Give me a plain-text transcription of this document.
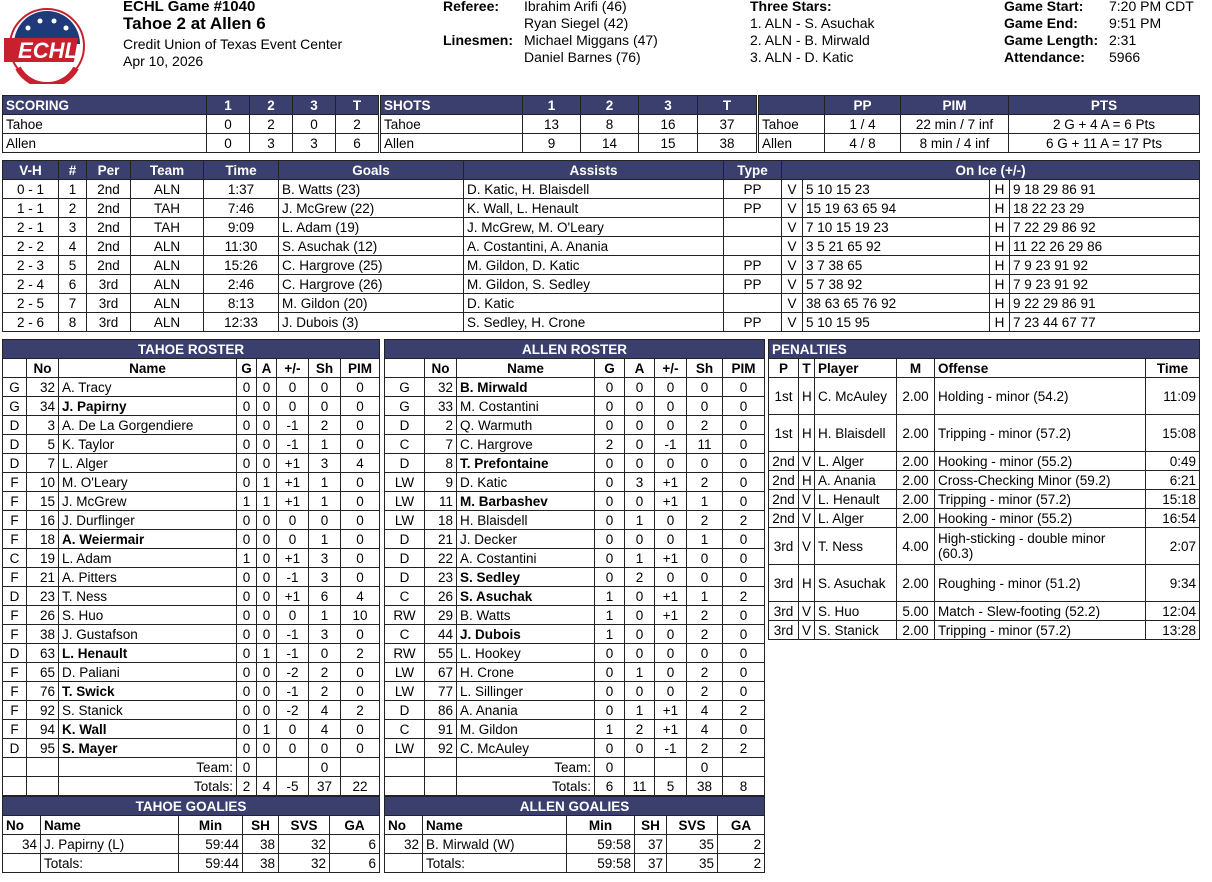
ECHL
ECHL Game #1040
Tahoe 2 at Allen 6
Credit Union of Texas Event Center
Apr 10, 2026
Referee: Ibrahim Arifi (46)
Ryan Siegel (42)
Linesmen: Michael Miggans (47)
Daniel Barnes (76)
Three Stars:
1. ALN - S. Asuchak
2. ALN - B. Mirwald
3. ALN - D. Katic
Game Start: 7:20 PM CDT
Game End: 9:51 PM
Game Length: 2:31
Attendance: 5966
SCORING	1	2	3	T
Tahoe	0	2	0	2
Allen	0	3	3	6
SHOTS	1	2	3	T
Tahoe	13	8	16	37
Allen	9	14	15	38
	PP	PIM	PTS
Tahoe	1 / 4	22 min / 7 inf	2 G + 4 A = 6 Pts
Allen	4 / 8	8 min / 4 inf	6 G + 11 A = 17 Pts
V-H	#	Per	Team	Time	Goals	Assists	Type	On Ice (+/-)			
0 - 1	1	2nd	ALN	1:37	B. Watts (23)	D. Katic, H. Blaisdell	PP	V	5 10 15 23	H	9 18 29 86 91
1 - 1	2	2nd	TAH	7:46	J. McGrew (22)	K. Wall, L. Henault	PP	V	15 19 63 65 94	H	18 22 23 29
2 - 1	3	2nd	TAH	9:09	L. Adam (19)	J. McGrew, M. O'Leary		V	7 10 15 19 23	H	7 22 29 86 92
2 - 2	4	2nd	ALN	11:30	S. Asuchak (12)	A. Costantini, A. Anania		V	3 5 21 65 92	H	11 22 26 29 86
2 - 3	5	2nd	ALN	15:26	C. Hargrove (25)	M. Gildon, D. Katic	PP	V	3 7 38 65	H	7 9 23 91 92
2 - 4	6	3rd	ALN	2:46	C. Hargrove (26)	M. Gildon, S. Sedley	PP	V	5 7 38 92	H	7 9 23 91 92
2 - 5	7	3rd	ALN	8:13	M. Gildon (20)	D. Katic		V	38 63 65 76 92	H	9 22 29 86 91
2 - 6	8	3rd	ALN	12:33	J. Dubois (3)	S. Sedley, H. Crone	PP	V	5 10 15 95	H	7 23 44 67 77
TAHOE ROSTER							
	No	Name	G	A	+/-	Sh	PIM
G	32	A. Tracy	0	0	0	0	0
G	34	J. Papirny	0	0	0	0	0
D	3	A. De La Gorgendiere	0	0	-1	2	0
D	5	K. Taylor	0	0	-1	1	0
D	7	L. Alger	0	0	+1	3	4
F	10	M. O'Leary	0	1	+1	1	0
F	15	J. McGrew	1	1	+1	1	0
F	16	J. Durflinger	0	0	0	0	0
F	18	A. Weiermair	0	0	0	1	0
C	19	L. Adam	1	0	+1	3	0
F	21	A. Pitters	0	0	-1	3	0
D	23	T. Ness	0	0	+1	6	4
F	26	S. Huo	0	0	0	1	10
F	38	J. Gustafson	0	0	-1	3	0
D	63	L. Henault	0	1	-1	0	2
F	65	D. Paliani	0	0	-2	2	0
F	76	T. Swick	0	0	-1	2	0
F	92	S. Stanick	0	0	-2	4	2
F	94	K. Wall	0	1	0	4	0
D	95	S. Mayer	0	0	0	0	0
		Team:	0			0	
		Totals:	2	4	-5	37	22
ALLEN ROSTER							
	No	Name	G	A	+/-	Sh	PIM
G	32	B. Mirwald	0	0	0	0	0
G	33	M. Costantini	0	0	0	0	0
D	2	Q. Warmuth	0	0	0	2	0
C	7	C. Hargrove	2	0	-1	11	0
D	8	T. Prefontaine	0	0	0	0	0
LW	9	D. Katic	0	3	+1	2	0
LW	11	M. Barbashev	0	0	+1	1	0
LW	18	H. Blaisdell	0	1	0	2	2
D	21	J. Decker	0	0	0	1	0
D	22	A. Costantini	0	1	+1	0	0
D	23	S. Sedley	0	2	0	0	0
C	26	S. Asuchak	1	0	+1	1	2
RW	29	B. Watts	1	0	+1	2	0
C	44	J. Dubois	1	0	0	2	0
RW	55	L. Hookey	0	0	0	0	0
LW	67	H. Crone	0	1	0	2	0
LW	77	L. Sillinger	0	0	0	2	0
D	86	A. Anania	0	1	+1	4	2
C	91	M. Gildon	1	2	+1	4	0
LW	92	C. McAuley	0	0	-1	2	2
		Team:	0			0	
		Totals:	6	11	5	38	8
PENALTIES					
P	T	Player	M	Offense	Time
1st	H	C. McAuley	2.00	Holding - minor (54.2)	11:09
1st	H	H. Blaisdell	2.00	Tripping - minor (57.2)	15:08
2nd	V	L. Alger	2.00	Hooking - minor (55.2)	0:49
2nd	H	A. Anania	2.00	Cross-Checking Minor (59.2)	6:21
2nd	V	L. Henault	2.00	Tripping - minor (57.2)	15:18
2nd	V	L. Alger	2.00	Hooking - minor (55.2)	16:54
3rd	V	T. Ness	4.00	High-sticking - double minor (60.3)	2:07
3rd	H	S. Asuchak	2.00	Roughing - minor (51.2)	9:34
3rd	V	S. Huo	5.00	Match - Slew-footing (52.2)	12:04
3rd	V	S. Stanick	2.00	Tripping - minor (57.2)	13:28
TAHOE GOALIES					
No	Name	Min	SH	SVS	GA
34	J. Papirny (L)	59:44	38	32	6
	Totals:	59:44	38	32	6
ALLEN GOALIES					
No	Name	Min	SH	SVS	GA
32	B. Mirwald (W)	59:58	37	35	2
	Totals:	59:58	37	35	2
